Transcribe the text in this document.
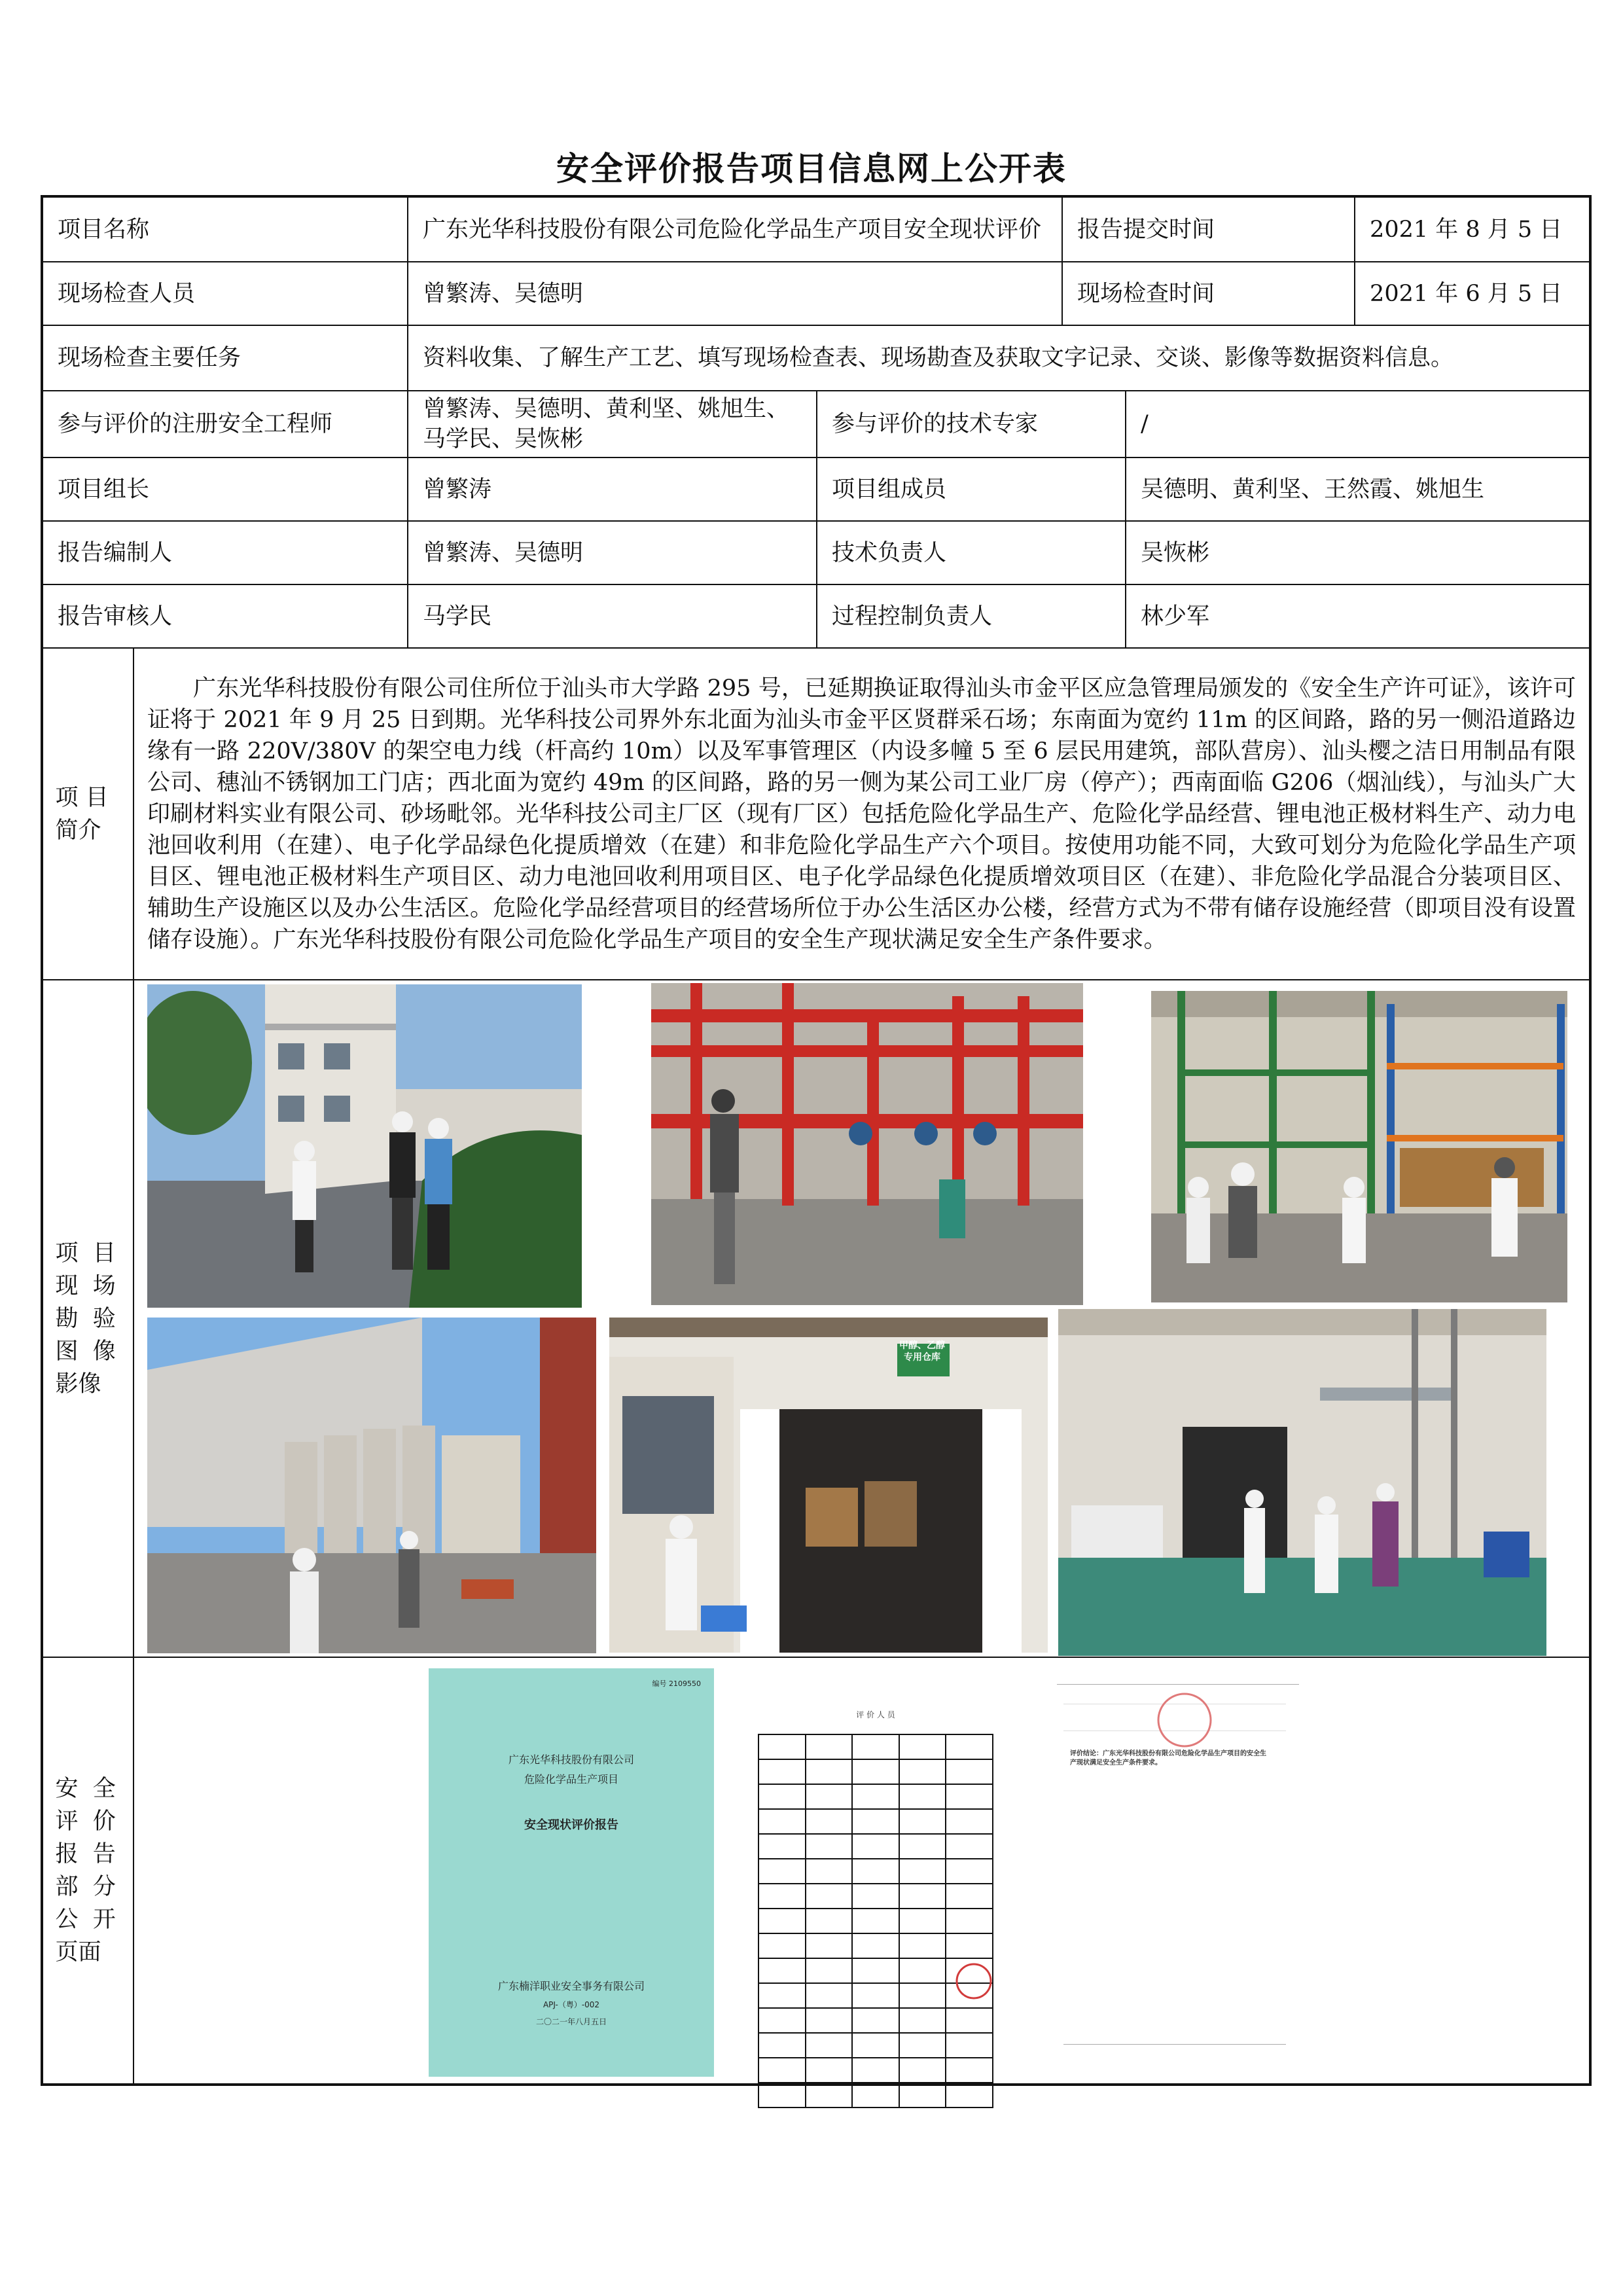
安全评价报告项目信息网上公开表
项目名称	广东光华科技股份有限公司危险化学品生产项目安全现状评价	报告提交时间	2021 年 8 月 5 日
现场检查人员	曾繁涛、吴德明	现场检查时间	2021 年 6 月 5 日
现场检查主要任务	资料收集、了解生产工艺、填写现场检查表、现场勘查及获取文字记录、交谈、影像等数据资料信息。
参与评价的注册安全工程师	曾繁涛、吴德明、黄利坚、姚旭生、马学民、吴恢彬	参与评价的技术专家	/
项目组长	曾繁涛	项目组成员	吴德明、黄利坚、王然霞、姚旭生
报告编制人	曾繁涛、吴德明	技术负责人	吴恢彬
报告审核人	马学民	过程控制负责人	林少军
项 目
简介	广东光华科技股份有限公司住所位于汕头市大学路 295 号，已延期换证取得汕头市金平区应急管理局颁发的《安全生产许可证》，该许可证将于 2021 年 9 月 25 日到期。光华科技公司界外东北面为汕头市金平区贤群采石场；东南面为宽约 11m 的区间路，路的另一侧沿道路边缘有一路 220V/380V 的架空电力线（杆高约 10m）以及军事管理区（内设多幢 5 至 6 层民用建筑，部队营房）、汕头樱之洁日用制品有限公司、穗汕不锈钢加工门店；西北面为宽约 49m 的区间路，路的另一侧为某公司工业厂房（停产）；西南面临 G206（烟汕线），与汕头广大印刷材料实业有限公司、砂场毗邻。光华科技公司主厂区（现有厂区）包括危险化学品生产、危险化学品经营、锂电池正极材料生产、动力电池回收利用（在建）、电子化学品绿色化提质增效（在建）和非危险化学品生产六个项目。按使用功能不同，大致可划分为危险化学品生产项目区、锂电池正极材料生产项目区、动力电池回收利用项目区、电子化学品绿色化提质增效项目区（在建）、非危险化学品混合分装项目区、辅助生产设施区以及办公生活区。危险化学品经营项目的经营场所位于办公生活区办公楼，经营方式为不带有储存设施经营（即项目没有设置储存设施）。广东光华科技股份有限公司危险化学品生产项目的安全生产现状满足安全生产条件要求。
项  目
现  场
勘  验
图  像
影像	
甲醇、乙醇
专用仓库

安  全
评  价
报  告
部  分
公  开
页面	
编号 2109550
广东光华科技股份有限公司
危险化学品生产项目
安全现状评价报告
广东楠洋职业安全事务有限公司
APJ-（粤）-002
二〇二一年八月五日
评 价 人 员

评价结论：广东光华科技股份有限公司危险化学品生产项目的安全生产现状满足安全生产条件要求。
